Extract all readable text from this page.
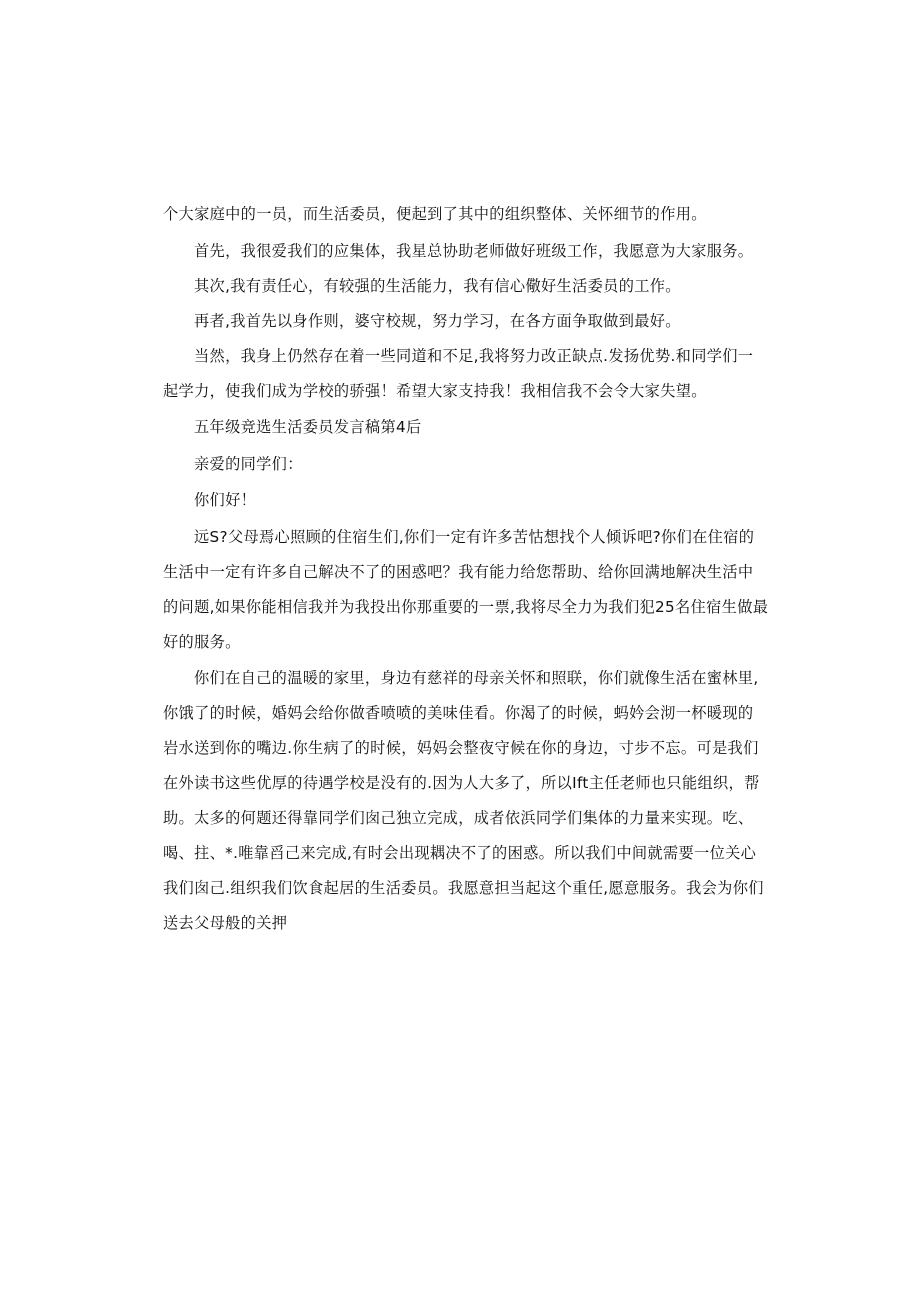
个大家庭中的一员，而生活委员，便起到了其中的组织整体、关怀细节的作用。

首先，我很爱我们的应集体，我星总协助老师做好班级工作，我愿意为大家服务。

其次,我有责任心，有较强的生活能力，我有信心儆好生活委员的工作。

再者,我首先以身作则，婆守校规，努力学习，在各方面争取做到最好。

当然，我身上仍然存在着一些同道和不足,我将努力改正缺点.发扬优势.和同学们一

起学力，使我们成为学校的骄强！希望大家支持我！我相信我不会令大家失望。

五年级竞选生活委员发言稿第4后

亲爱的同学们：

你们好！

远S?父母焉心照顾的住宿生们,你们一定有许多苦怙想找个人倾诉吧?你们在住宿的

生活中一定有许多自己解决不了的困惑吧？我有能力给您帮助、给你回满地解决生活中

的问题,如果你能相信我并为我投出你那重要的一票,我将尽全力为我们犯25名住宿生做最

好的服务。

你们在自己的温暖的家里，身边有慈祥的母亲关怀和照联，你们就像生活在蜜林里,

你饿了的时候，婚妈会给你做香喷喷的美味佳看。你渴了的时候，蚂妗会沏一杯暖现的

岩水送到你的嘴边.你生病了的时候，妈妈会整夜守候在你的身边，寸步不忘。可是我们

在外读书这些优厚的待遇学校是没有的.因为人大多了，所以Ift主任老师也只能组织，帮

助。太多的何题还得靠同学们囱己独立完成，成者依浜同学们集体的力量来实现。吃、

喝、拄、*.唯靠舀己来完成,有时会出现耦决不了的困惑。所以我们中间就需要一位关心

我们囱己.组织我们饮食起居的生活委员。我愿意担当起这个重任,愿意服务。我会为你们

送去父母般的关押
